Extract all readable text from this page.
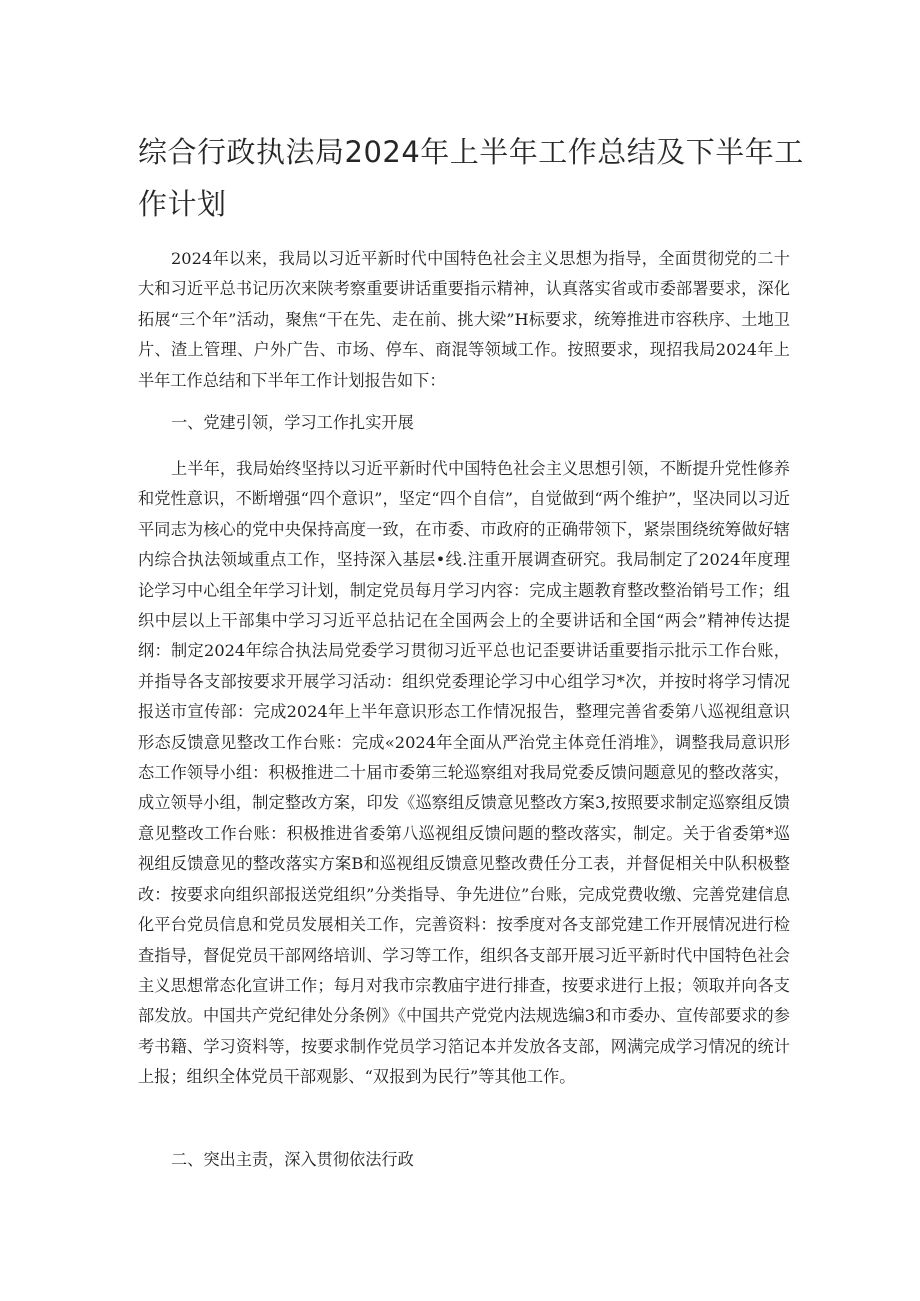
综合行政执法局2024年上半年工作总结及下半年工作计划

2024年以来，我局以习近平新时代中国特色社会主义思想为指导，全面贯彻党的二十大和习近平总书记历次来陕考察重要讲话重要指示精神，认真落实省或市委部署要求，深化拓展“三个年”活动，聚焦“干在先、走在前、挑大梁”H标要求，统筹推进市容秩序、土地卫片、渣上管理、户外广告、市场、停车、商混等领域工作。按照要求，现招我局2024年上半年工作总结和下半年工作计划报告如下：

一、党建引领，学习工作扎实开展

上半年，我局始终坚持以习近平新时代中国特色社会主义思想引领，不断提升党性修养和党性意识，不断增强“四个意识”，坚定“四个自信”，自觉做到“两个维护”，坚决同以习近平同志为核心的党中央保持高度一致，在市委、市政府的正确带领下，紧崇围绕统筹做好辖内综合执法领域重点工作，坚持深入基层•线.注重开展调查研究。我局制定了2024年度理论学习中心组全年学习计划，制定党员每月学习内容：完成主题教育整改整治销号工作；组织中层以上干部集中学习习近平总拈记在全国两会上的全要讲话和全国“两会”精神传达提纲：制定2024年综合执法局党委学习贯彻习近平总也记歪要讲话重要指示批示工作台账，并指导各支部按要求开展学习活动：组织党委理论学习中心组学习*次，并按时将学习情况报送市宣传部：完成2024年上半年意识形态工作情况报告，整理完善省委第八巡视组意识形态反馈意见整改工作台账：完成«2024年全面从严治党主体竞任消堆》，调整我局意识形态工作领导小组：积极推进二十届市委第三轮巡察组对我局党委反馈问题意见的整改落实，成立领导小组，制定整改方案，印发《巡察组反馈意见整改方案3,按照要求制定巡察组反馈意见整改工作台账：积极推进省委第八巡视组反馈问题的整改落实，制定。关于省委第*巡视组反馈意见的整改落实方案B和巡视组反馈意见整改费任分工表，并督促相关中队积极整改：按要求向组织部报送党组织”分类指导、争先进位”台账，完成党费收缴、完善党建信息化平台党员信息和党员发展相关工作，完善资料：按季度对各支部党建工作开展情况进行检查指导，督促党员干部网络培训、学习等工作，组织各支部开展习近平新时代中国特色社会主义思想常态化宣讲工作；每月对我市宗教庙宇进行排查，按要求进行上报；领取并向各支部发放。中国共产党纪律处分条例》《中国共产党党内法规选编3和市委办、宣传部要求的参考书籍、学习资料等，按要求制作党员学习箔记本并发放各支部，网满完成学习情况的统计上报；组织全体党员干部观影、“双报到为民行”等其他工作。

二、突出主责，深入贯彻依法行政
